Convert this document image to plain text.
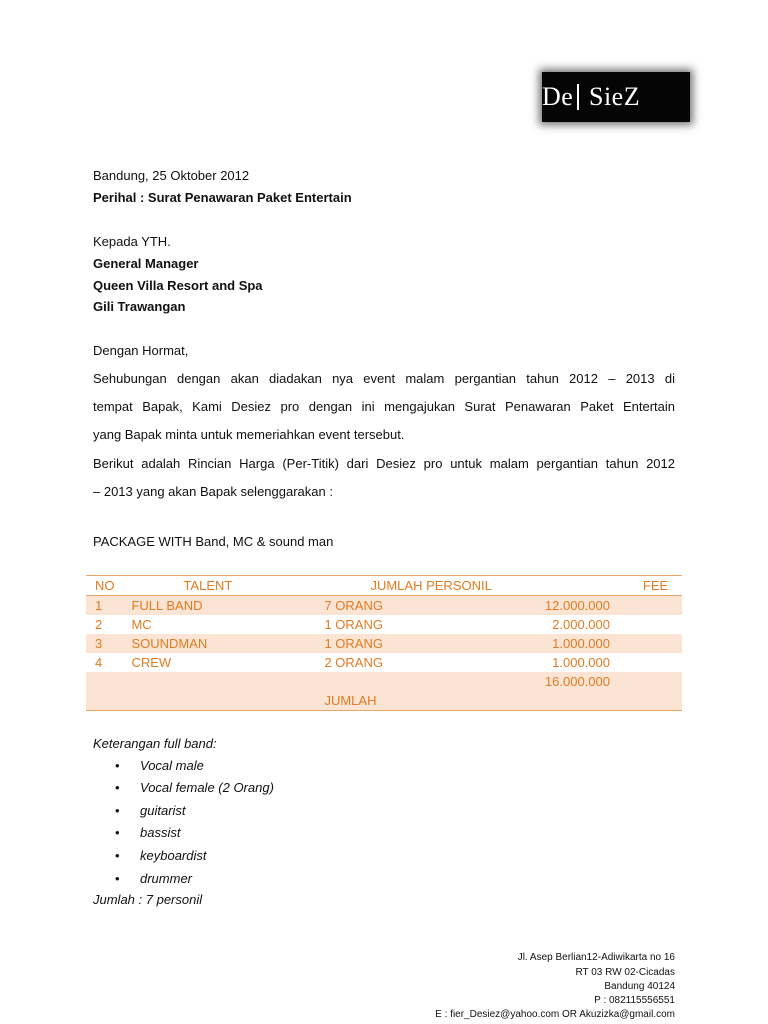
De SieZ
Bandung, 25 Oktober 2012
Perihal : Surat Penawaran Paket Entertain
Kepada YTH.
General Manager
Queen Villa Resort and Spa
Gili Trawangan
Dengan Hormat,
Sehubungan dengan akan diadakan nya event malam pergantian tahun 2012 – 2013 di
tempat Bapak, Kami Desiez pro dengan ini mengajukan Surat Penawaran Paket Entertain
yang Bapak minta untuk memeriahkan event tersebut.
Berikut adalah Rincian Harga (Per-Titik) dari Desiez pro untuk malam pergantian tahun 2012
– 2013 yang akan Bapak selenggarakan :
PACKAGE WITH Band, MC & sound man
NO	TALENT	JUMLAH PERSONIL	FEE
1	FULL BAND	7 ORANG	12.000.000
2	MC	1 ORANG	2.000.000
3	SOUNDMAN	1 ORANG	1.000.000
4	CREW	2 ORANG	1.000.000
			16.000.000
		JUMLAH	
Keterangan full band:
• Vocal male
• Vocal female (2 Orang)
• guitarist
• bassist
• keyboardist
• drummer
Jumlah : 7 personil
Jl. Asep Berlian12-Adiwikarta no 16
RT 03 RW 02-Cicadas
Bandung 40124
P : 082115556551
E : fier_Desiez@yahoo.com OR Akuzizka@gmail.com
